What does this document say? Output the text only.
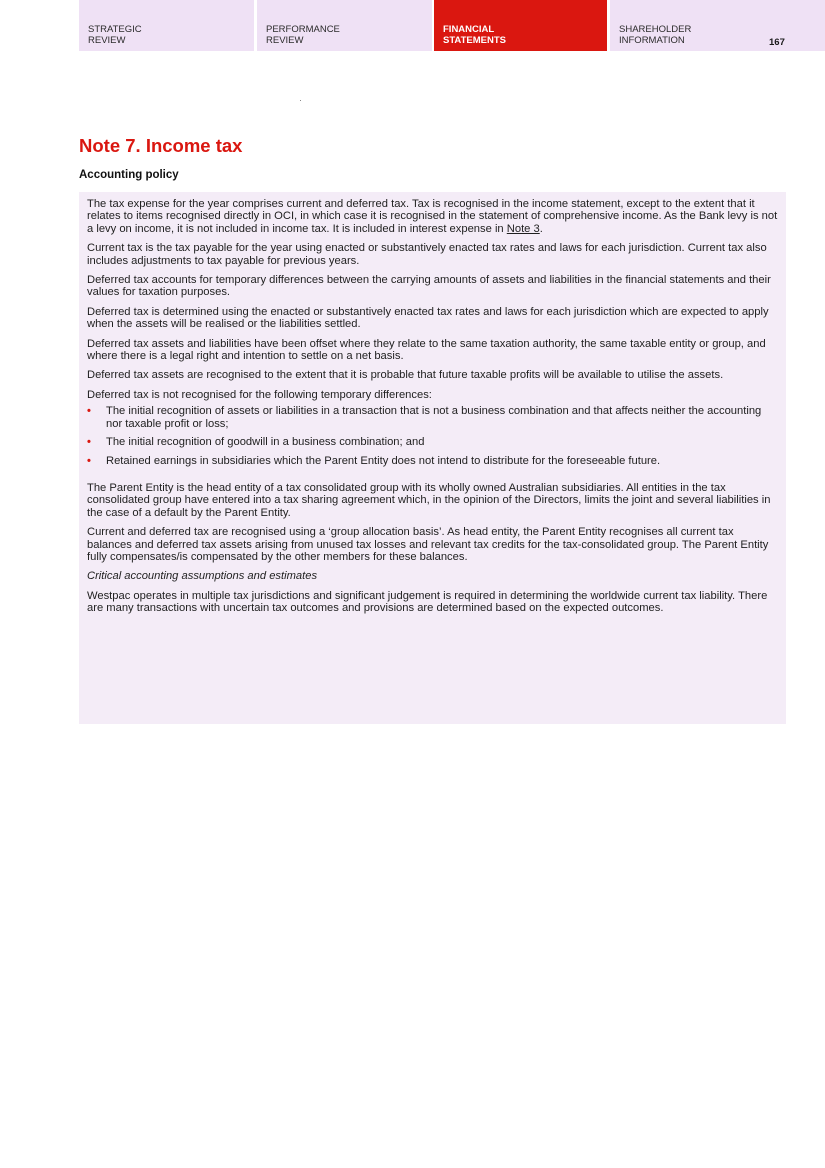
STRATEGIC
REVIEW
PERFORMANCE
REVIEW
FINANCIAL
STATEMENTS
SHAREHOLDER
INFORMATION	167
Note 7. Income tax
Accounting policy

The tax expense for the year comprises current and deferred tax. Tax is recognised in the income statement, except to the extent that it relates to items recognised directly in OCI, in which case it is recognised in the statement of comprehensive income. As the Bank levy is not a levy on income, it is not included in income tax. It is included in interest expense in Note 3.

Current tax is the tax payable for the year using enacted or substantively enacted tax rates and laws for each jurisdiction. Current tax also includes adjustments to tax payable for previous years.

Deferred tax accounts for temporary differences between the carrying amounts of assets and liabilities in the financial statements and their values for taxation purposes.

Deferred tax is determined using the enacted or substantively enacted tax rates and laws for each jurisdiction which are expected to apply when the assets will be realised or the liabilities settled.

Deferred tax assets and liabilities have been offset where they relate to the same taxation authority, the same taxable entity or group, and where there is a legal right and intention to settle on a net basis.

Deferred tax assets are recognised to the extent that it is probable that future taxable profits will be available to utilise the assets.

Deferred tax is not recognised for the following temporary differences:

• The initial recognition of assets or liabilities in a transaction that is not a business combination and that affects neither the accounting nor taxable profit or loss;
• The initial recognition of goodwill in a business combination; and
• Retained earnings in subsidiaries which the Parent Entity does not intend to distribute for the foreseeable future.

The Parent Entity is the head entity of a tax consolidated group with its wholly owned Australian subsidiaries. All entities in the tax consolidated group have entered into a tax sharing agreement which, in the opinion of the Directors, limits the joint and several liabilities in the case of a default by the Parent Entity.

Current and deferred tax are recognised using a ‘group allocation basis’. As head entity, the Parent Entity recognises all current tax balances and deferred tax assets arising from unused tax losses and relevant tax credits for the tax-consolidated group. The Parent Entity fully compensates/is compensated by the other members for these balances.

Critical accounting assumptions and estimates

Westpac operates in multiple tax jurisdictions and significant judgement is required in determining the worldwide current tax liability. There are many transactions with uncertain tax outcomes and provisions are determined based on the expected outcomes.
